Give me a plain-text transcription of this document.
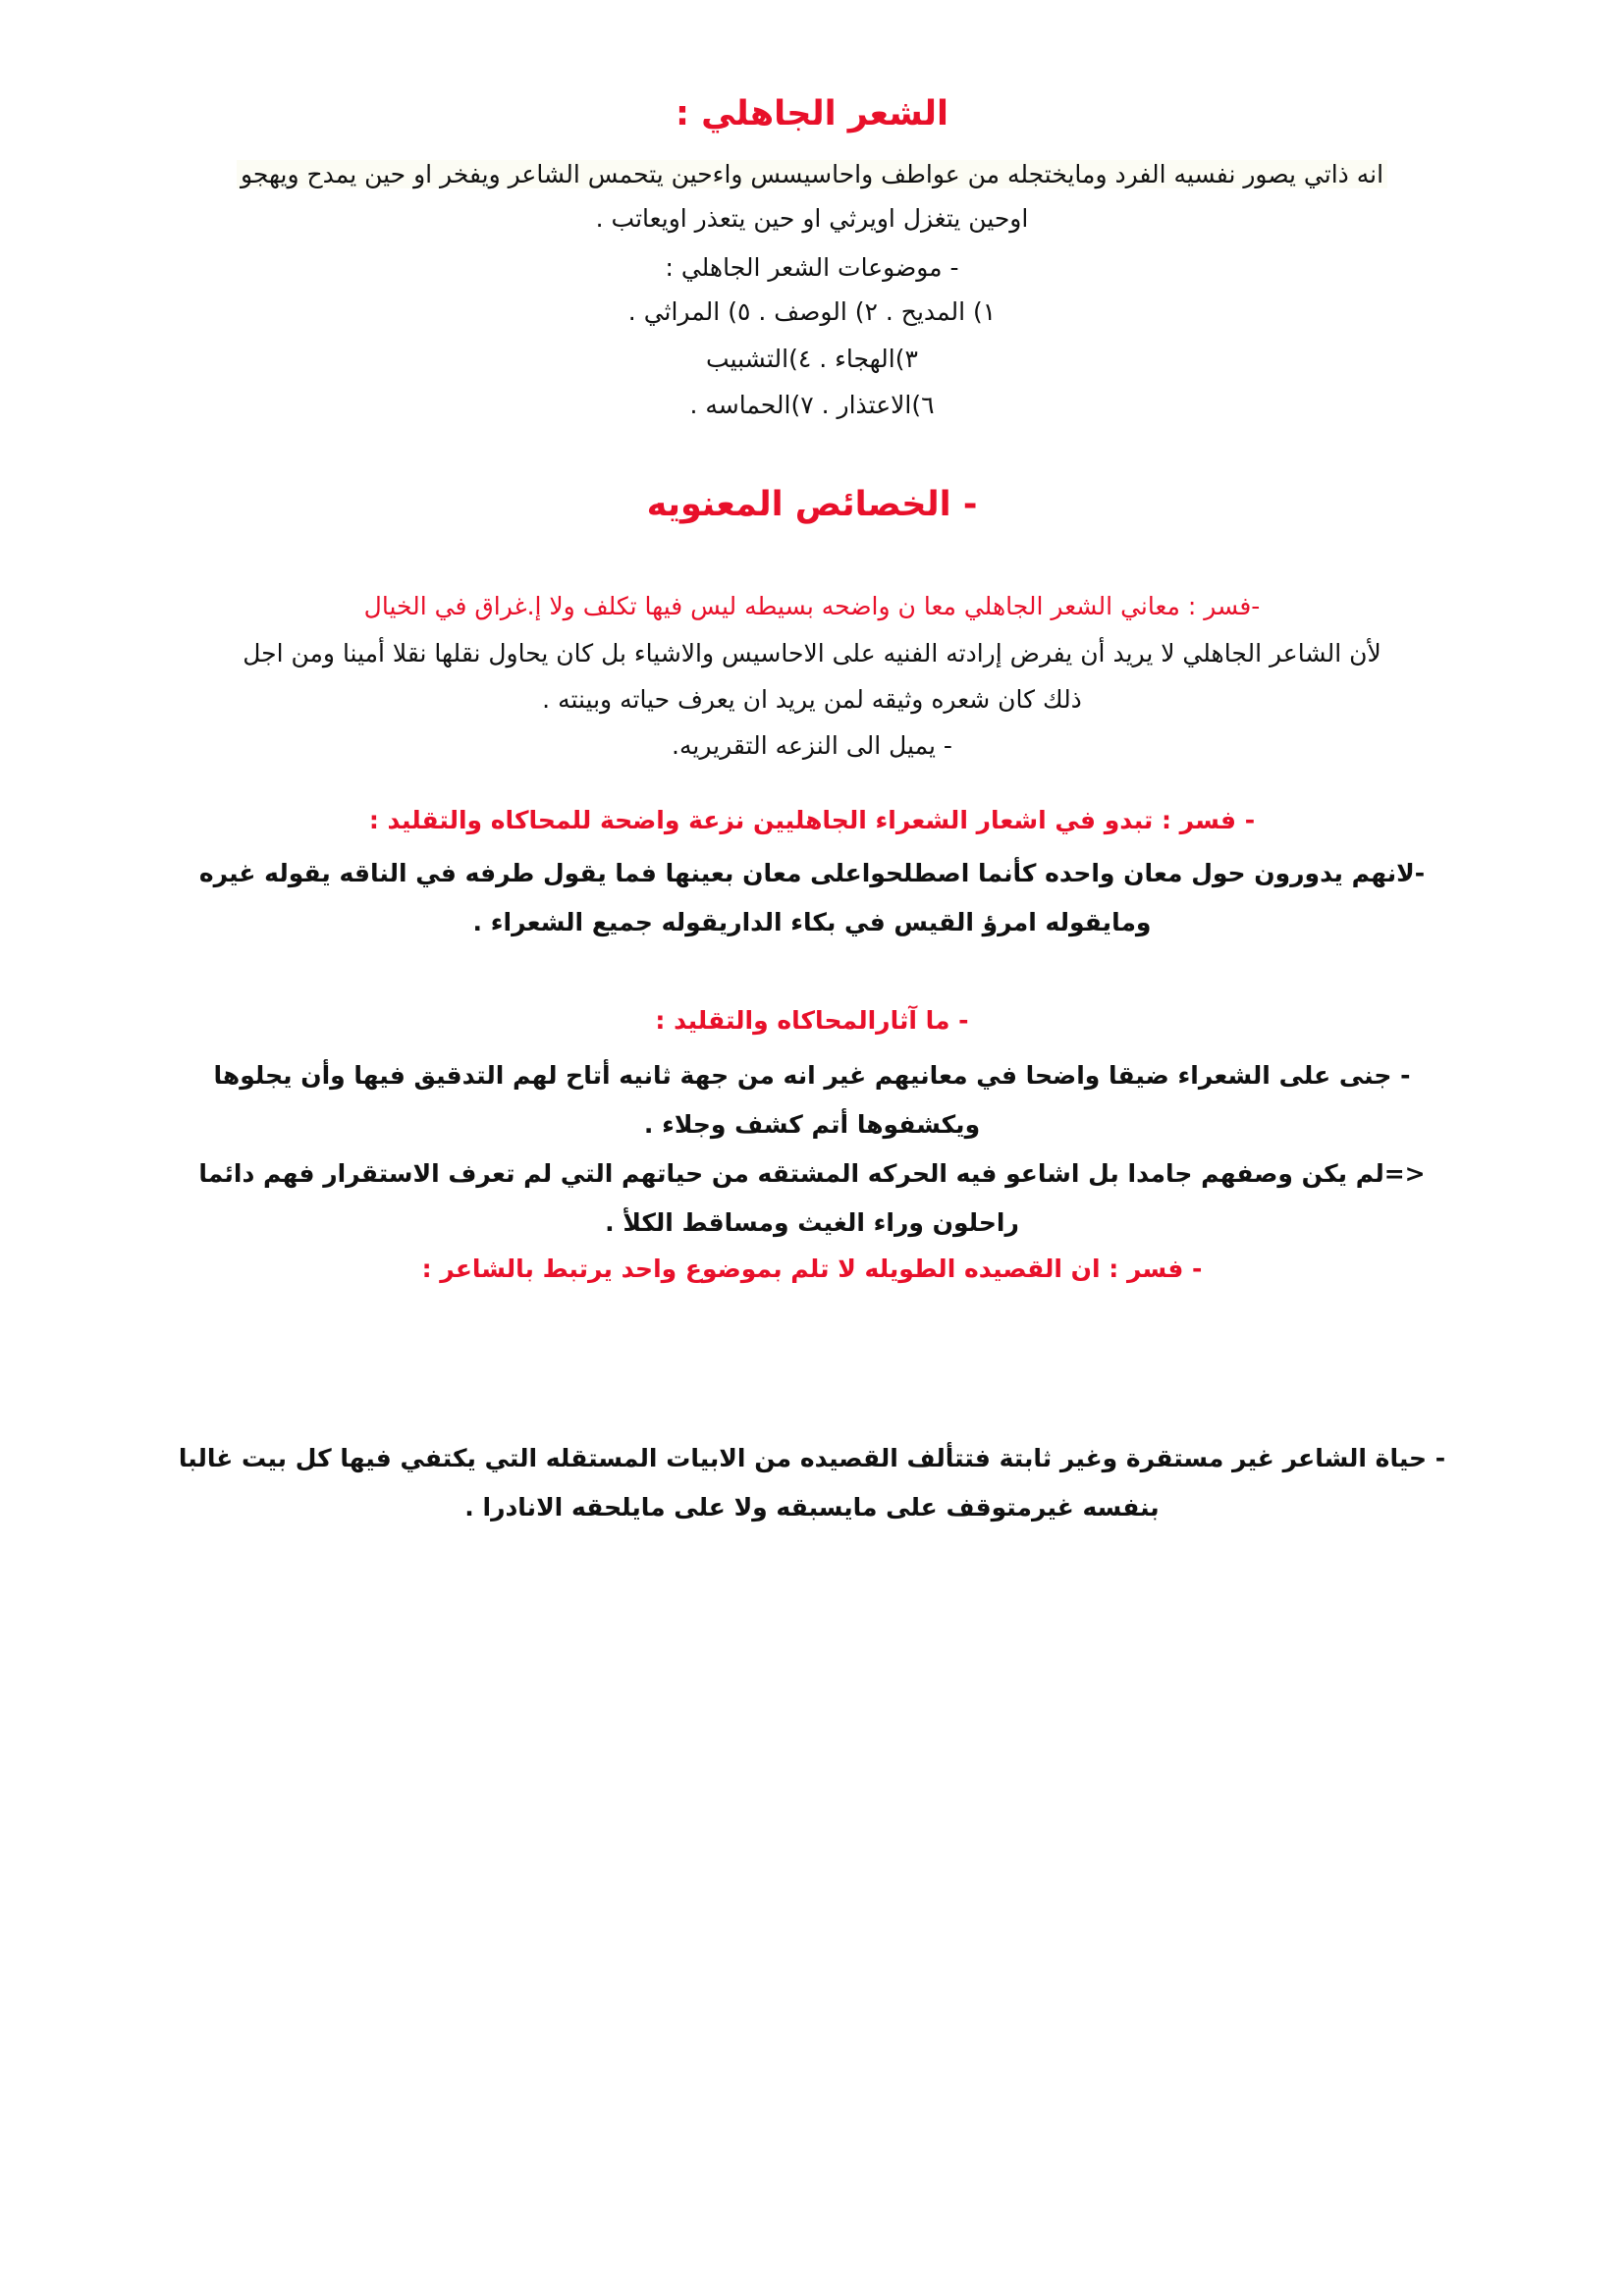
الشعر الجاهلي :

انه ذاتي يصور نفسيه الفرد ومايختجله من عواطف واحاسيسس واءحين يتحمس الشاعر ويفخر او حين يمدح ويهجو

اوحين يتغزل اويرثي او حين يتعذر اويعاتب .

- موضوعات الشعر الجاهلي :

١) المديح . ٢) الوصف . ٥) المراثي .

٣)الهجاء . ٤)التشبيب

٦)الاعتذار . ٧)الحماسه .

- الخصائص المعنويه

-فسر : معاني الشعر الجاهلي معا ن واضحه بسيطه ليس فيها تكلف ولا إ.غراق في الخيال

لأن الشاعر الجاهلي لا يريد أن يفرض إرادته الفنيه على الاحاسيس والاشياء بل كان يحاول نقلها نقلا أمينا ومن اجل

ذلك كان شعره وثيقه لمن يريد ان يعرف حياته وبينته .

- يميل الى النزعه التقريريه.

- فسر : تبدو في اشعار الشعراء الجاهليين نزعة واضحة للمحاكاه والتقليد :

-لانهم يدورون حول معان واحده كأنما اصطلحواعلى معان بعينها فما يقول طرفه في الناقه يقوله غيره

ومايقوله امرؤ القيس في بكاء الداريقوله جميع الشعراء .

- ما آثارالمحاكاه والتقليد :

- جنى على الشعراء ضيقا واضحا في معانيهم غير انه من جهة ثانيه أتاح لهم التدقيق فيها وأن يجلوها

ويكشفوها أتم كشف وجلاء .

<=لم يكن وصفهم جامدا بل اشاعو فيه الحركه المشتقه من حياتهم التي لم تعرف الاستقرار فهم دائما

راحلون وراء الغيث ومساقط الكلأ .

- فسر : ان القصيده الطويله لا تلم بموضوع واحد يرتبط بالشاعر :

- حياة الشاعر غير مستقرة وغير ثابتة فتتألف القصيده من الابيات المستقله التي يكتفي فيها كل بيت غالبا

بنفسه غيرمتوقف على مايسبقه ولا على مايلحقه الانادرا .
